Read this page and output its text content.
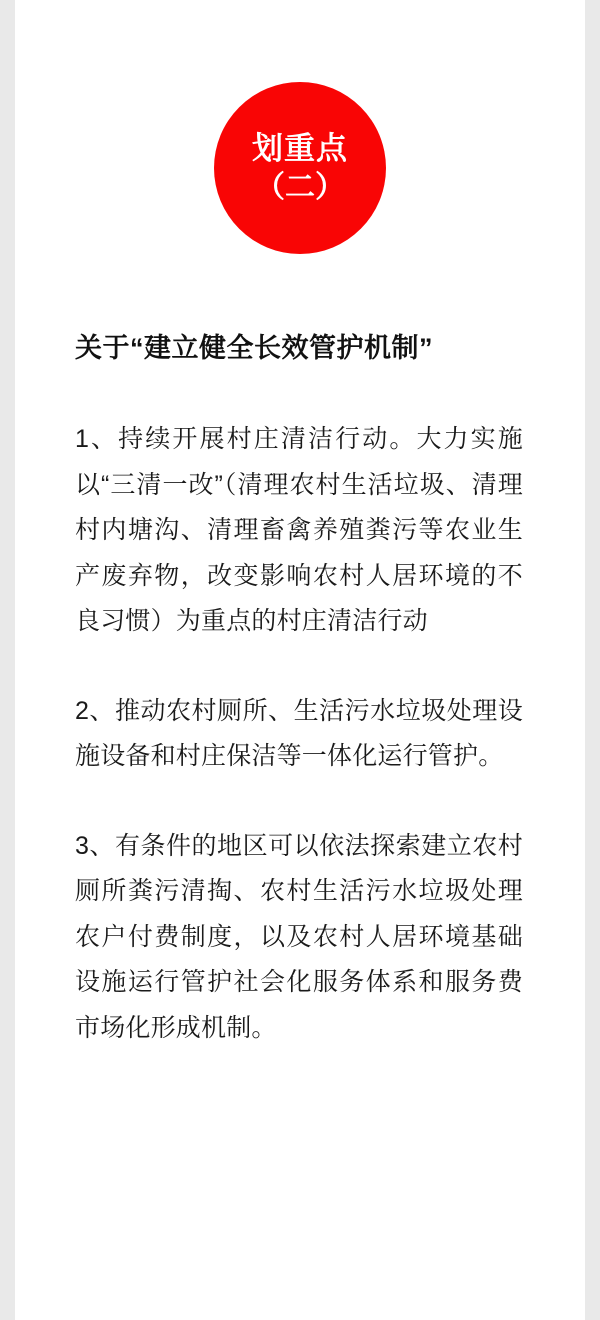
划重点
（二）
关于“建立健全长效管护机制”
1、持续开展村庄清洁行动。大力实施以“三清一改”（清理农村生活垃圾、清理村内塘沟、清理畜禽养殖粪污等农业生产废弃物，改变影响农村人居环境的不良习惯）为重点的村庄清洁行动
2、推动农村厕所、生活污水垃圾处理设施设备和村庄保洁等一体化运行管护。
3、有条件的地区可以依法探索建立农村厕所粪污清掏、农村生活污水垃圾处理农户付费制度，以及农村人居环境基础设施运行管护社会化服务体系和服务费市场化形成机制。
